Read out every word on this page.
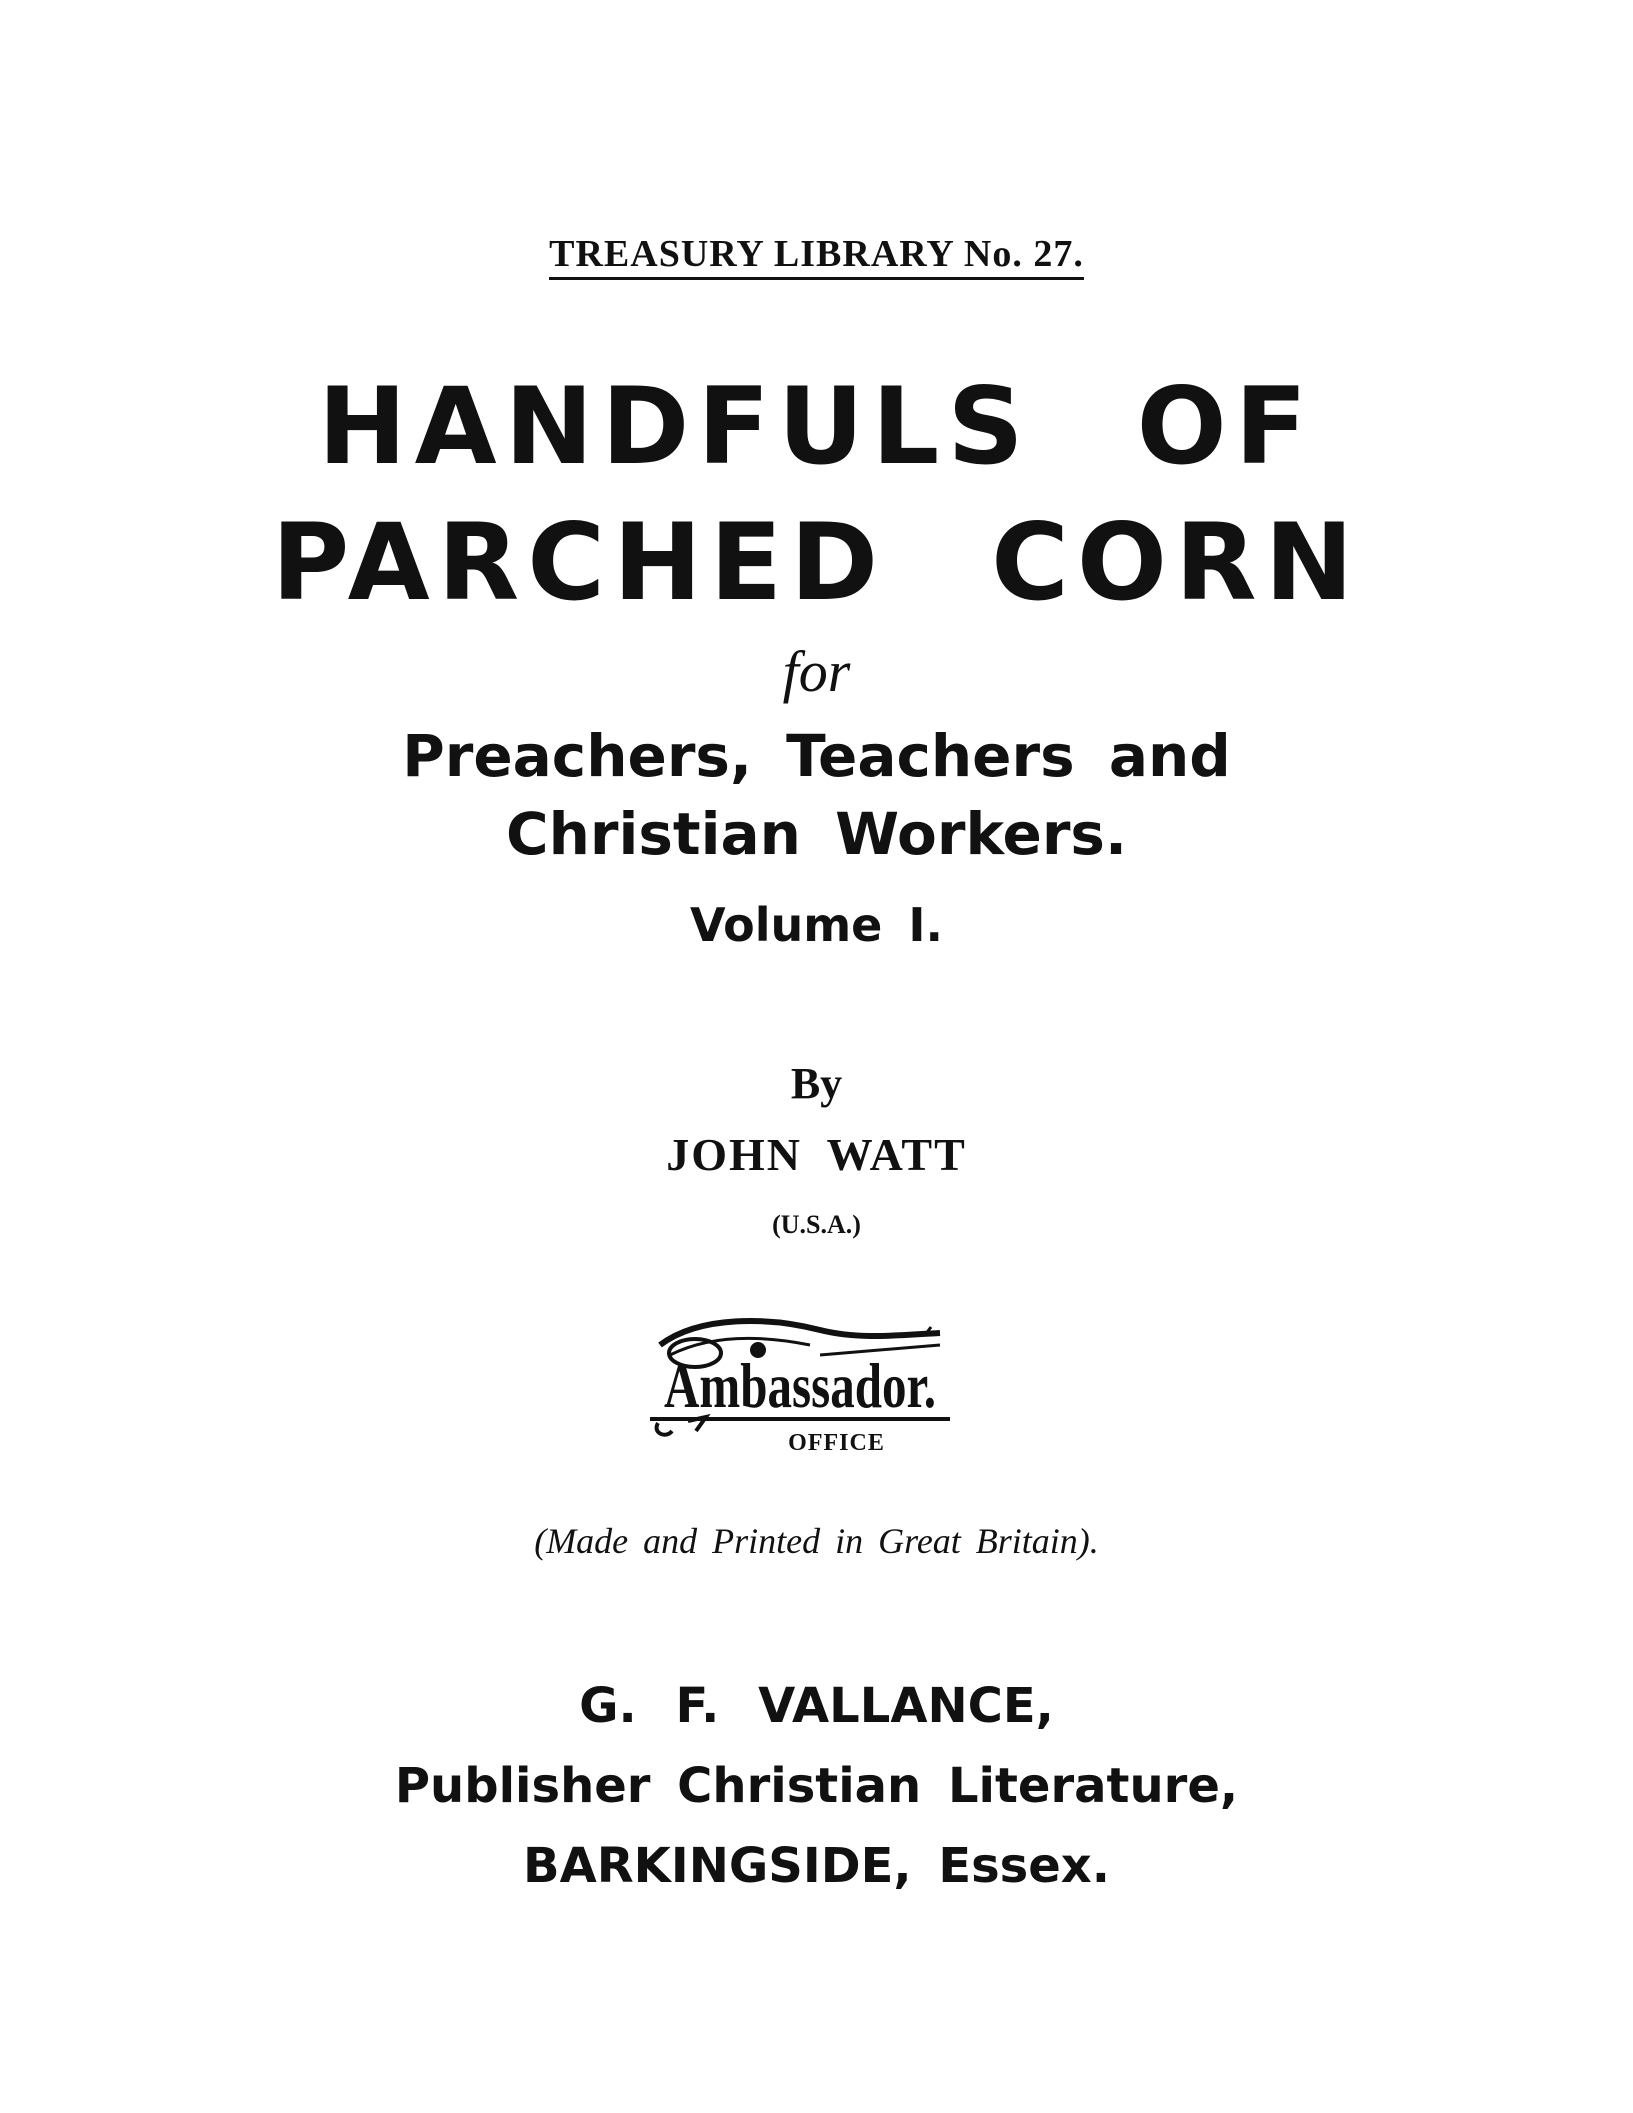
TREASURY LIBRARY No. 27.
HANDFULS OF
PARCHED CORN
for
Preachers, Teachers and
Christian Workers.
Volume I.
By
JOHN WATT
(U.S.A.)
Ambassador.
OFFICE
(Made and Printed in Great Britain).
G. F. VALLANCE,
Publisher Christian Literature,
BARKINGSIDE, Essex.
